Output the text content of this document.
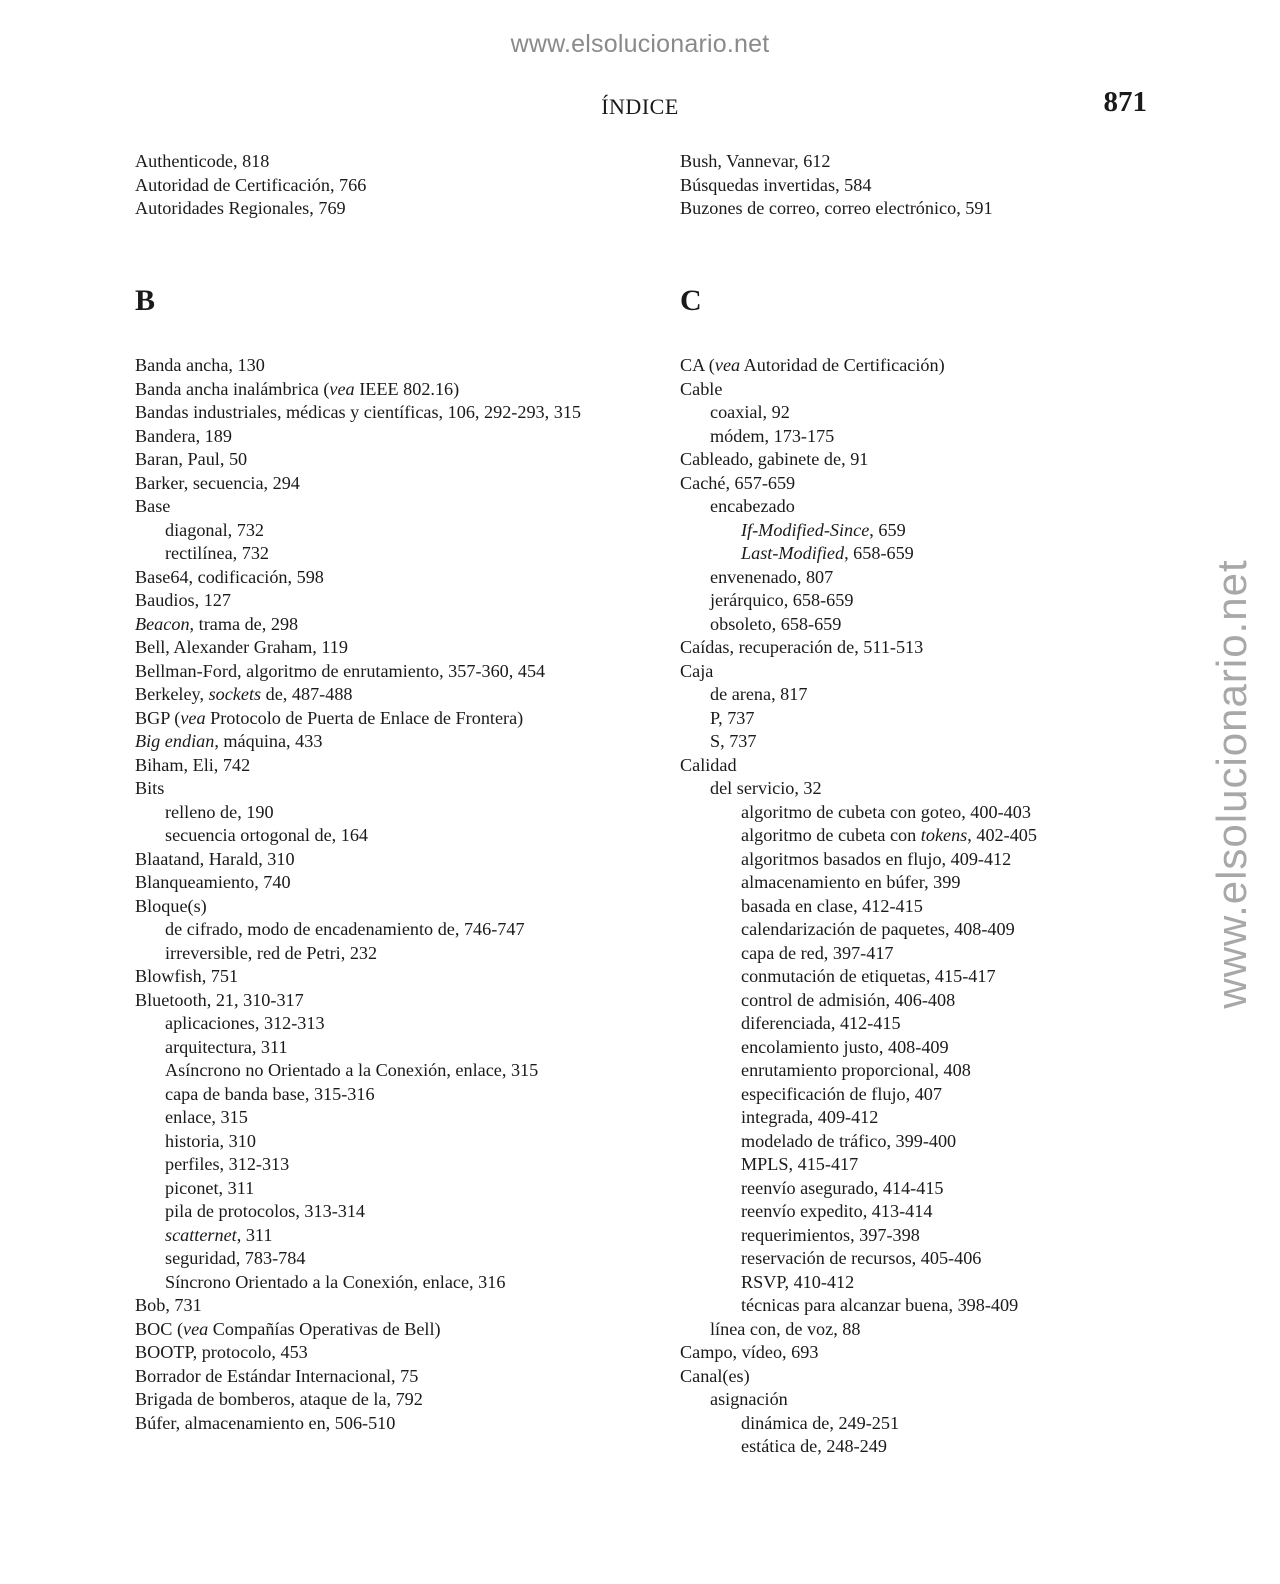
www.elsolucionario.net
www.elsolucionario.net
ÍNDICE	871
Authenticode, 818
Autoridad de Certificación, 766
Autoridades Regionales, 769
Bush, Vannevar, 612
Búsquedas invertidas, 584
Buzones de correo, correo electrónico, 591
B
Banda ancha, 130
Banda ancha inalámbrica (vea IEEE 802.16)
Bandas industriales, médicas y científicas, 106, 292-293, 315
Bandera, 189
Baran, Paul, 50
Barker, secuencia, 294
Base
diagonal, 732
rectilínea, 732
Base64, codificación, 598
Baudios, 127
Beacon, trama de, 298
Bell, Alexander Graham, 119
Bellman-Ford, algoritmo de enrutamiento, 357-360, 454
Berkeley, sockets de, 487-488
BGP (vea Protocolo de Puerta de Enlace de Frontera)
Big endian, máquina, 433
Biham, Eli, 742
Bits
relleno de, 190
secuencia ortogonal de, 164
Blaatand, Harald, 310
Blanqueamiento, 740
Bloque(s)
de cifrado, modo de encadenamiento de, 746-747
irreversible, red de Petri, 232
Blowfish, 751
Bluetooth, 21, 310-317
aplicaciones, 312-313
arquitectura, 311
Asíncrono no Orientado a la Conexión, enlace, 315
capa de banda base, 315-316
enlace, 315
historia, 310
perfiles, 312-313
piconet, 311
pila de protocolos, 313-314
scatternet, 311
seguridad, 783-784
Síncrono Orientado a la Conexión, enlace, 316
Bob, 731
BOC (vea Compañías Operativas de Bell)
BOOTP, protocolo, 453
Borrador de Estándar Internacional, 75
Brigada de bomberos, ataque de la, 792
Búfer, almacenamiento en, 506-510
C
CA (vea Autoridad de Certificación)
Cable
coaxial, 92
módem, 173-175
Cableado, gabinete de, 91
Caché, 657-659
encabezado
If-Modified-Since, 659
Last-Modified, 658-659
envenenado, 807
jerárquico, 658-659
obsoleto, 658-659
Caídas, recuperación de, 511-513
Caja
de arena, 817
P, 737
S, 737
Calidad
del servicio, 32
algoritmo de cubeta con goteo, 400-403
algoritmo de cubeta con tokens, 402-405
algoritmos basados en flujo, 409-412
almacenamiento en búfer, 399
basada en clase, 412-415
calendarización de paquetes, 408-409
capa de red, 397-417
conmutación de etiquetas, 415-417
control de admisión, 406-408
diferenciada, 412-415
encolamiento justo, 408-409
enrutamiento proporcional, 408
especificación de flujo, 407
integrada, 409-412
modelado de tráfico, 399-400
MPLS, 415-417
reenvío asegurado, 414-415
reenvío expedito, 413-414
requerimientos, 397-398
reservación de recursos, 405-406
RSVP, 410-412
técnicas para alcanzar buena, 398-409
línea con, de voz, 88
Campo, vídeo, 693
Canal(es)
asignación
dinámica de, 249-251
estática de, 248-249
